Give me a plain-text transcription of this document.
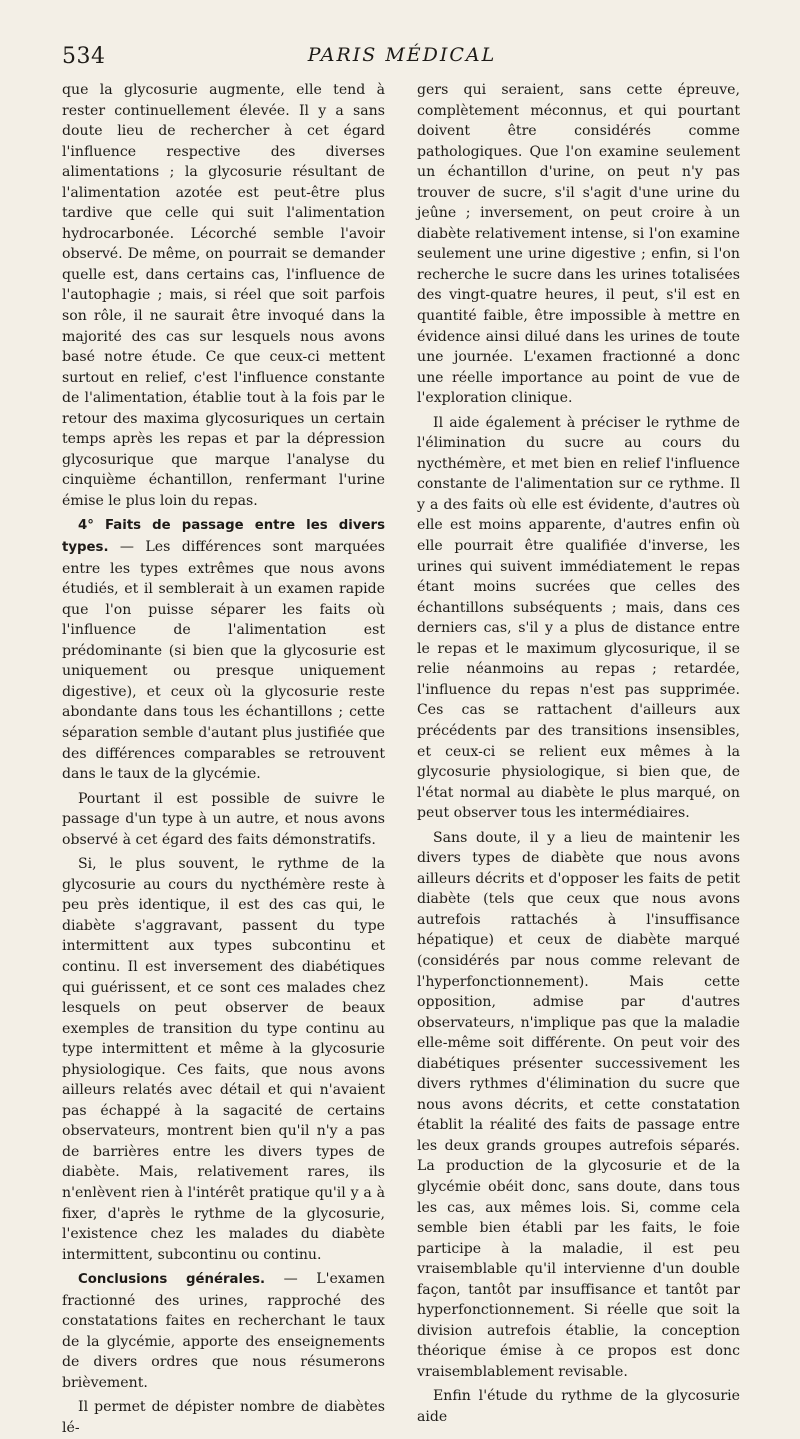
534	PARIS MÉDICAL

que la glycosurie augmente, elle tend à rester continuellement élevée. Il y a sans doute lieu de rechercher à cet égard l'influence respective des diverses alimentations ; la glycosurie résultant de l'alimentation azotée est peut-être plus tardive que celle qui suit l'alimentation hydrocarbonée. Lécorché semble l'avoir observé. De même, on pourrait se demander quelle est, dans certains cas, l'influence de l'autophagie ; mais, si réel que soit parfois son rôle, il ne saurait être invoqué dans la majorité des cas sur lesquels nous avons basé notre étude. Ce que ceux-ci mettent surtout en relief, c'est l'influence constante de l'alimentation, établie tout à la fois par le retour des maxima glycosuriques un certain temps après les repas et par la dépression glycosurique que marque l'analyse du cinquième échantillon, renfermant l'urine émise le plus loin du repas.

4° Faits de passage entre les divers types. — Les différences sont marquées entre les types extrêmes que nous avons étudiés, et il semblerait à un examen rapide que l'on puisse séparer les faits où l'influence de l'alimentation est prédominante (si bien que la glycosurie est uniquement ou presque uniquement digestive), et ceux où la glycosurie reste abondante dans tous les échantillons ; cette séparation semble d'autant plus justifiée que des différences comparables se retrouvent dans le taux de la glycémie.

Pourtant il est possible de suivre le passage d'un type à un autre, et nous avons observé à cet égard des faits démonstratifs.

Si, le plus souvent, le rythme de la glycosurie au cours du nycthémère reste à peu près identique, il est des cas qui, le diabète s'aggravant, passent du type intermittent aux types subcontinu et continu. Il est inversement des diabétiques qui guérissent, et ce sont ces malades chez lesquels on peut observer de beaux exemples de transition du type continu au type intermittent et même à la glycosurie physiologique. Ces faits, que nous avons ailleurs relatés avec détail et qui n'avaient pas échappé à la sagacité de certains observateurs, montrent bien qu'il n'y a pas de barrières entre les divers types de diabète. Mais, relativement rares, ils n'enlèvent rien à l'intérêt pratique qu'il y a à fixer, d'après le rythme de la glycosurie, l'existence chez les malades du diabète intermittent, subcontinu ou continu.

Conclusions générales. — L'examen fractionné des urines, rapproché des constatations faites en recherchant le taux de la glycémie, apporte des enseignements de divers ordres que nous résumerons brièvement.

Il permet de dépister nombre de diabètes lé-

gers qui seraient, sans cette épreuve, complètement méconnus, et qui pourtant doivent être considérés comme pathologiques. Que l'on examine seulement un échantillon d'urine, on peut n'y pas trouver de sucre, s'il s'agit d'une urine du jeûne ; inversement, on peut croire à un diabète relativement intense, si l'on examine seulement une urine digestive ; enfin, si l'on recherche le sucre dans les urines totalisées des vingt-quatre heures, il peut, s'il est en quantité faible, être impossible à mettre en évidence ainsi dilué dans les urines de toute une journée. L'examen fractionné a donc une réelle importance au point de vue de l'exploration clinique.

Il aide également à préciser le rythme de l'élimination du sucre au cours du nycthémère, et met bien en relief l'influence constante de l'alimentation sur ce rythme. Il y a des faits où elle est évidente, d'autres où elle est moins apparente, d'autres enfin où elle pourrait être qualifiée d'inverse, les urines qui suivent immédiatement le repas étant moins sucrées que celles des échantillons subséquents ; mais, dans ces derniers cas, s'il y a plus de distance entre le repas et le maximum glycosurique, il se relie néanmoins au repas ; retardée, l'influence du repas n'est pas supprimée. Ces cas se rattachent d'ailleurs aux précédents par des transitions insensibles, et ceux-ci se relient eux mêmes à la glycosurie physiologique, si bien que, de l'état normal au diabète le plus marqué, on peut observer tous les intermédiaires.

Sans doute, il y a lieu de maintenir les divers types de diabète que nous avons ailleurs décrits et d'opposer les faits de petit diabète (tels que ceux que nous avons autrefois rattachés à l'insuffisance hépatique) et ceux de diabète marqué (considérés par nous comme relevant de l'hyperfonctionnement). Mais cette opposition, admise par d'autres observateurs, n'implique pas que la maladie elle-même soit différente. On peut voir des diabétiques présenter successivement les divers rythmes d'élimination du sucre que nous avons décrits, et cette constatation établit la réalité des faits de passage entre les deux grands groupes autrefois séparés. La production de la glycosurie et de la glycémie obéit donc, sans doute, dans tous les cas, aux mêmes lois. Si, comme cela semble bien établi par les faits, le foie participe à la maladie, il est peu vraisemblable qu'il intervienne d'un double façon, tantôt par insuffisance et tantôt par hyperfonctionnement. Si réelle que soit la division autrefois établie, la conception théorique émise à ce propos est donc vraisemblablement revisable.

Enfin l'étude du rythme de la glycosurie aide
